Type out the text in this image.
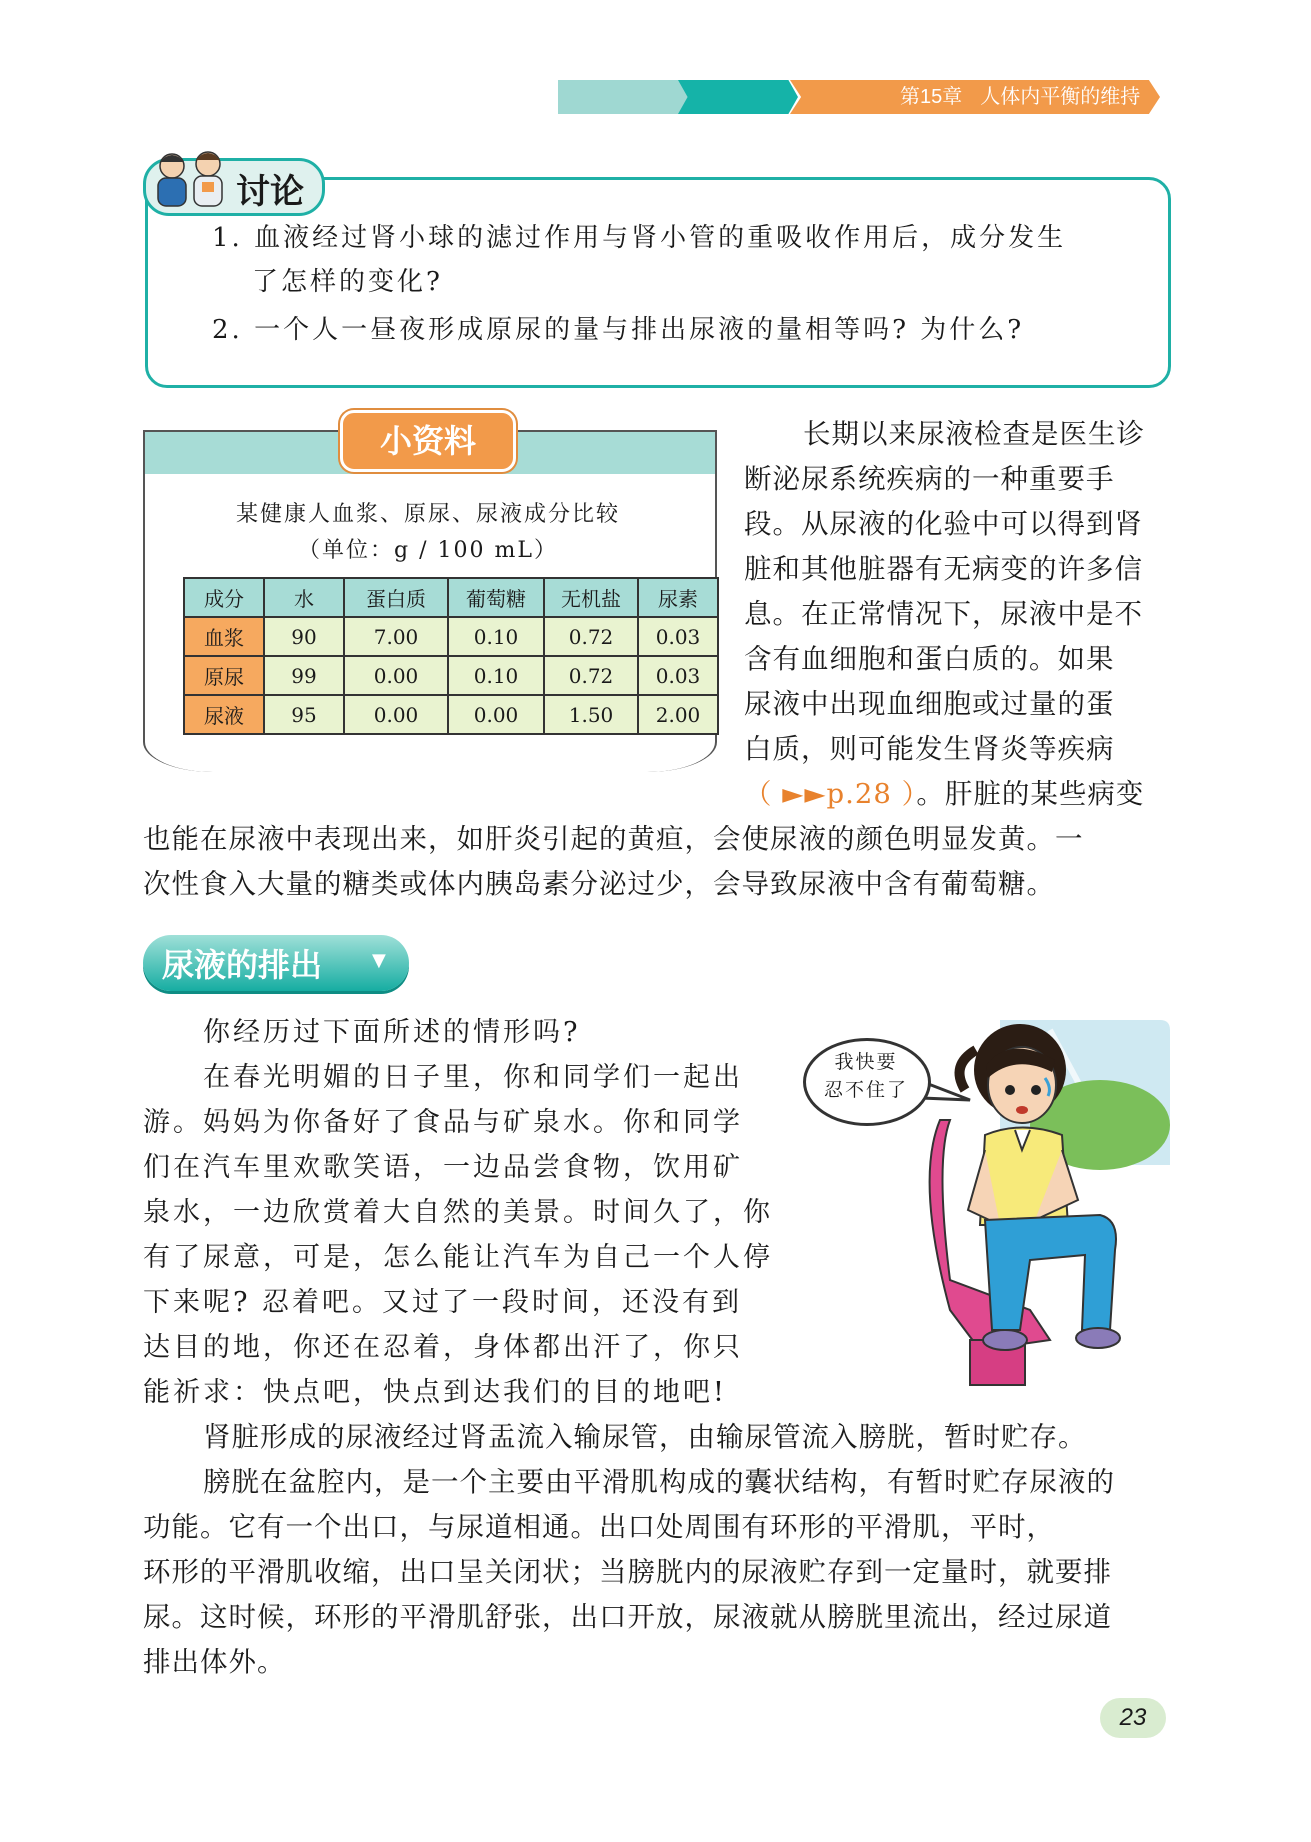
第15章 人体内平衡的维持
讨论
1. 血液经过肾小球的滤过作用与肾小管的重吸收作用后，成分发生
了怎样的变化?
2. 一个人一昼夜形成原尿的量与排出尿液的量相等吗? 为什么?
小资料
某健康人血浆、原尿、尿液成分比较
（单位：g / 100 mL）
成分	水	蛋白质	葡萄糖	无机盐	尿素
血浆	90	7.00	0.10	0.72	0.03
原尿	99	0.00	0.10	0.72	0.03
尿液	95	0.00	0.00	1.50	2.00
长期以来尿液检查是医生诊
断泌尿系统疾病的一种重要手
段。从尿液的化验中可以得到肾
脏和其他脏器有无病变的许多信
息。在正常情况下，尿液中是不
含有血细胞和蛋白质的。如果
尿液中出现血细胞或过量的蛋
白质，则可能发生肾炎等疾病
（ ►►p.28 ）。肝脏的某些病变
也能在尿液中表现出来，如肝炎引起的黄疸，会使尿液的颜色明显发黄。一
次性食入大量的糖类或体内胰岛素分泌过少，会导致尿液中含有葡萄糖。
尿液的排出	▼
你经历过下面所述的情形吗?
在春光明媚的日子里，你和同学们一起出
游。妈妈为你备好了食品与矿泉水。你和同学
们在汽车里欢歌笑语，一边品尝食物，饮用矿
泉水，一边欣赏着大自然的美景。时间久了，你
有了尿意，可是，怎么能让汽车为自己一个人停
下来呢? 忍着吧。又过了一段时间，还没有到
达目的地，你还在忍着，身体都出汗了，你只
能祈求：快点吧，快点到达我们的目的地吧!
我快要
忍不住了
肾脏形成的尿液经过肾盂流入输尿管，由输尿管流入膀胱，暂时贮存。
膀胱在盆腔内，是一个主要由平滑肌构成的囊状结构，有暂时贮存尿液的
功能。它有一个出口，与尿道相通。出口处周围有环形的平滑肌，平时，
环形的平滑肌收缩，出口呈关闭状；当膀胱内的尿液贮存到一定量时，就要排
尿。这时候，环形的平滑肌舒张，出口开放，尿液就从膀胱里流出，经过尿道
排出体外。
23
